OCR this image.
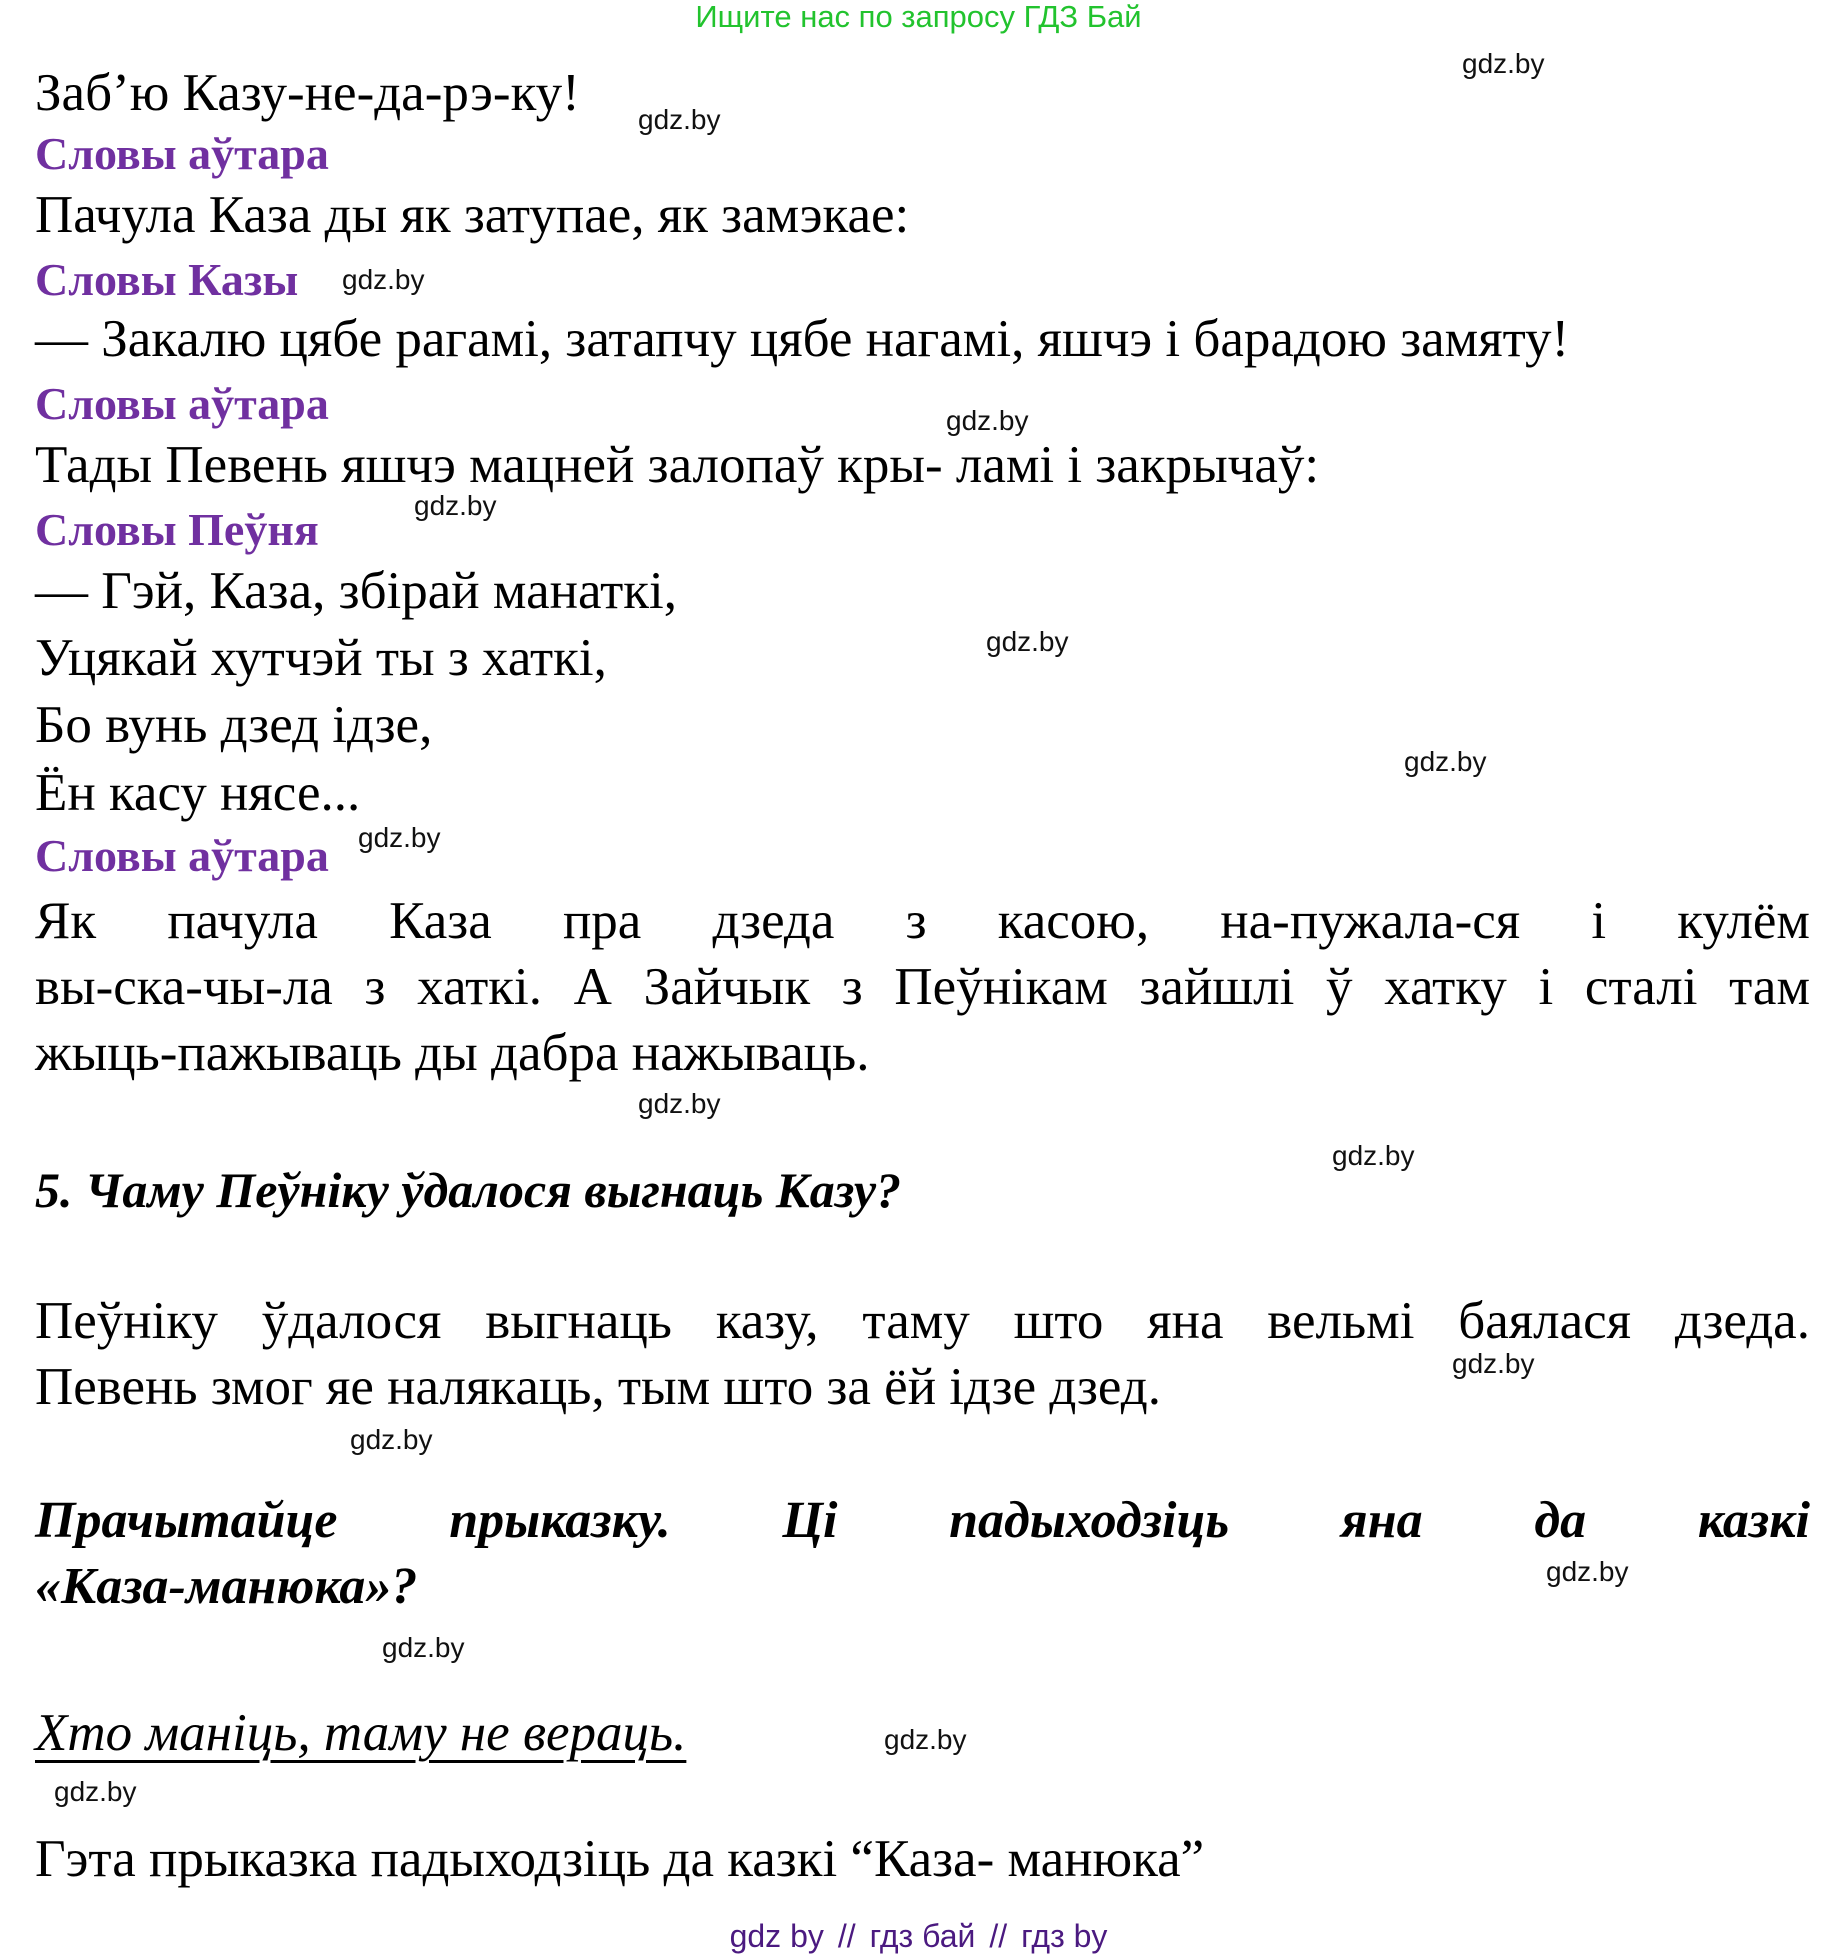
Ищите нас по запросу ГДЗ Бай
Заб’ю Казу-не-да-рэ-ку!
Словы аўтара
Пачула Каза ды як затупае, як замэкае:
Словы Казы
— Закалю цябе рагамі, затапчу цябе нагамі, яшчэ і барадою замяту!
Словы аўтара
Тады Певень яшчэ мацней залопаў кры- ламі і закрычаў:
Словы Пеўня
— Гэй, Каза, збірай манаткі,
Уцякай хутчэй ты з хаткі,
Бо вунь дзед ідзе,
Ён касу нясе...
Словы аўтара
Як пачула Каза пра дзеда з касою, на-пужала-ся і кулём
вы-ска-чы-ла з хаткі. А Зайчык з Пеўнікам зайшлі ў хатку і сталі там
жыць-пажываць ды дабра нажываць.
5. Чаму Пеўніку ўдалося выгнаць Казу?
Пеўніку ўдалося выгнаць казу, таму што яна вельмі баялася дзеда.
Певень змог яе налякаць, тым што за ёй ідзе дзед.
Прачытайце прыказку. Ці падыходзіць яна да казкі
«Каза-манюка»?
Хто маніць, таму не вераць.
Гэта прыказка падыходзіць да казкі “Каза- манюка”
gdz.by
gdz.by
gdz.by
gdz.by
gdz.by
gdz.by
gdz.by
gdz.by
gdz.by
gdz.by
gdz.by
gdz.by
gdz.by
gdz.by
gdz.by
gdz.by
gdz by // гдз бай // гдз by
